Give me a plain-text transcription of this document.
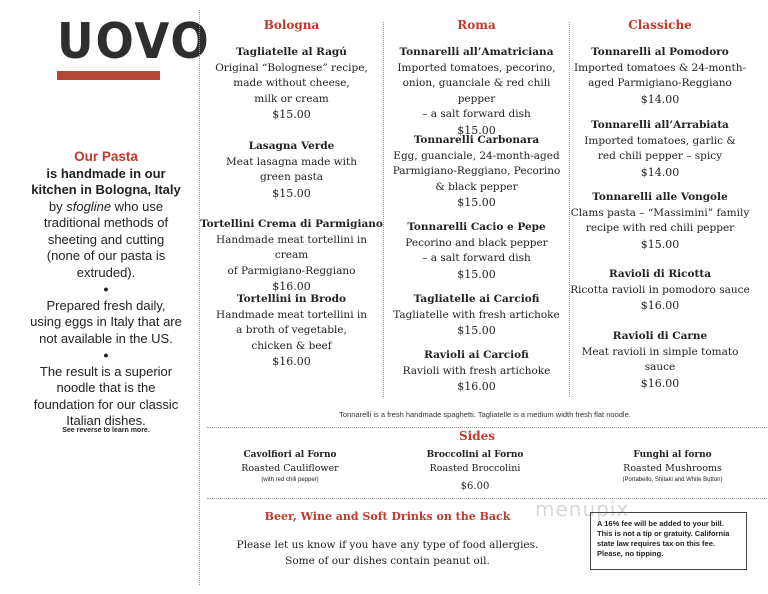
UOVO
Our Pasta
is handmade in our kitchen in Bologna, Italy
by sfogline who use traditional methods of sheeting and cutting (none of our pasta is extruded).
•
Prepared fresh daily, using eggs in Italy that are not available in the US.
•
The result is a superior noodle that is the foundation for our classic Italian dishes.
See reverse to learn more.
Bologna	Roma	Classiche
Tagliatelle al Ragú
Original “Bolognese” recipe,
made without cheese,
milk or cream
$15.00
Lasagna Verde
Meat lasagna made with
green pasta
$15.00
Tortellini Crema di Parmigiano
Handmade meat tortellini in cream
of Parmigiano-Reggiano
$16.00
Tortellini in Brodo
Handmade meat tortellini in
a broth of vegetable,
chicken & beef
$16.00
Tonnarelli all’Amatriciana
Imported tomatoes, pecorino,
onion, guanciale & red chili pepper
– a salt forward dish
$15.00
Tonnarelli Carbonara
Egg, guanciale, 24-month-aged
Parmigiano-Reggiano, Pecorino
& black pepper
$15.00
Tonnarelli Cacio e Pepe
Pecorino and black pepper
– a salt forward dish
$15.00
Tagliatelle ai Carciofi
Tagliatelle with fresh artichoke
$15.00
Ravioli ai Carciofi
Ravioli with fresh artichoke
$16.00
Tonnarelli al Pomodoro
Imported tomatoes & 24-month-
aged Parmigiano-Reggiano
$14.00
Tonnarelli all’Arrabiata
Imported tomatoes, garlic &
red chili pepper – spicy
$14.00
Tonnarelli alle Vongole
Clams pasta – “Massimini” family
recipe with red chili pepper
$15.00
Ravioli di Ricotta
Ricotta ravioli in pomodoro sauce
$16.00
Ravioli di Carne
Meat ravioli in simple tomato sauce
$16.00
Tonnarelli is a fresh handmade spaghetti. Tagliatelle is a medium width fresh flat noodle.
Sides
Cavolfiori al Forno
Roasted Cauliflower
(with red chili pepper)
Broccolini al Forno
Roasted Broccolini
$6.00
Funghi al forno
Roasted Mushrooms
(Portabello, Shitaki and White Button)
Beer, Wine and Soft Drinks on the Back
Please let us know if you have any type of food allergies.
Some of our dishes contain peanut oil.
menupix
A 16% fee will be added to your bill.
This is not a tip or gratuity. California
state law requires tax on this fee.
Please, no tipping.
